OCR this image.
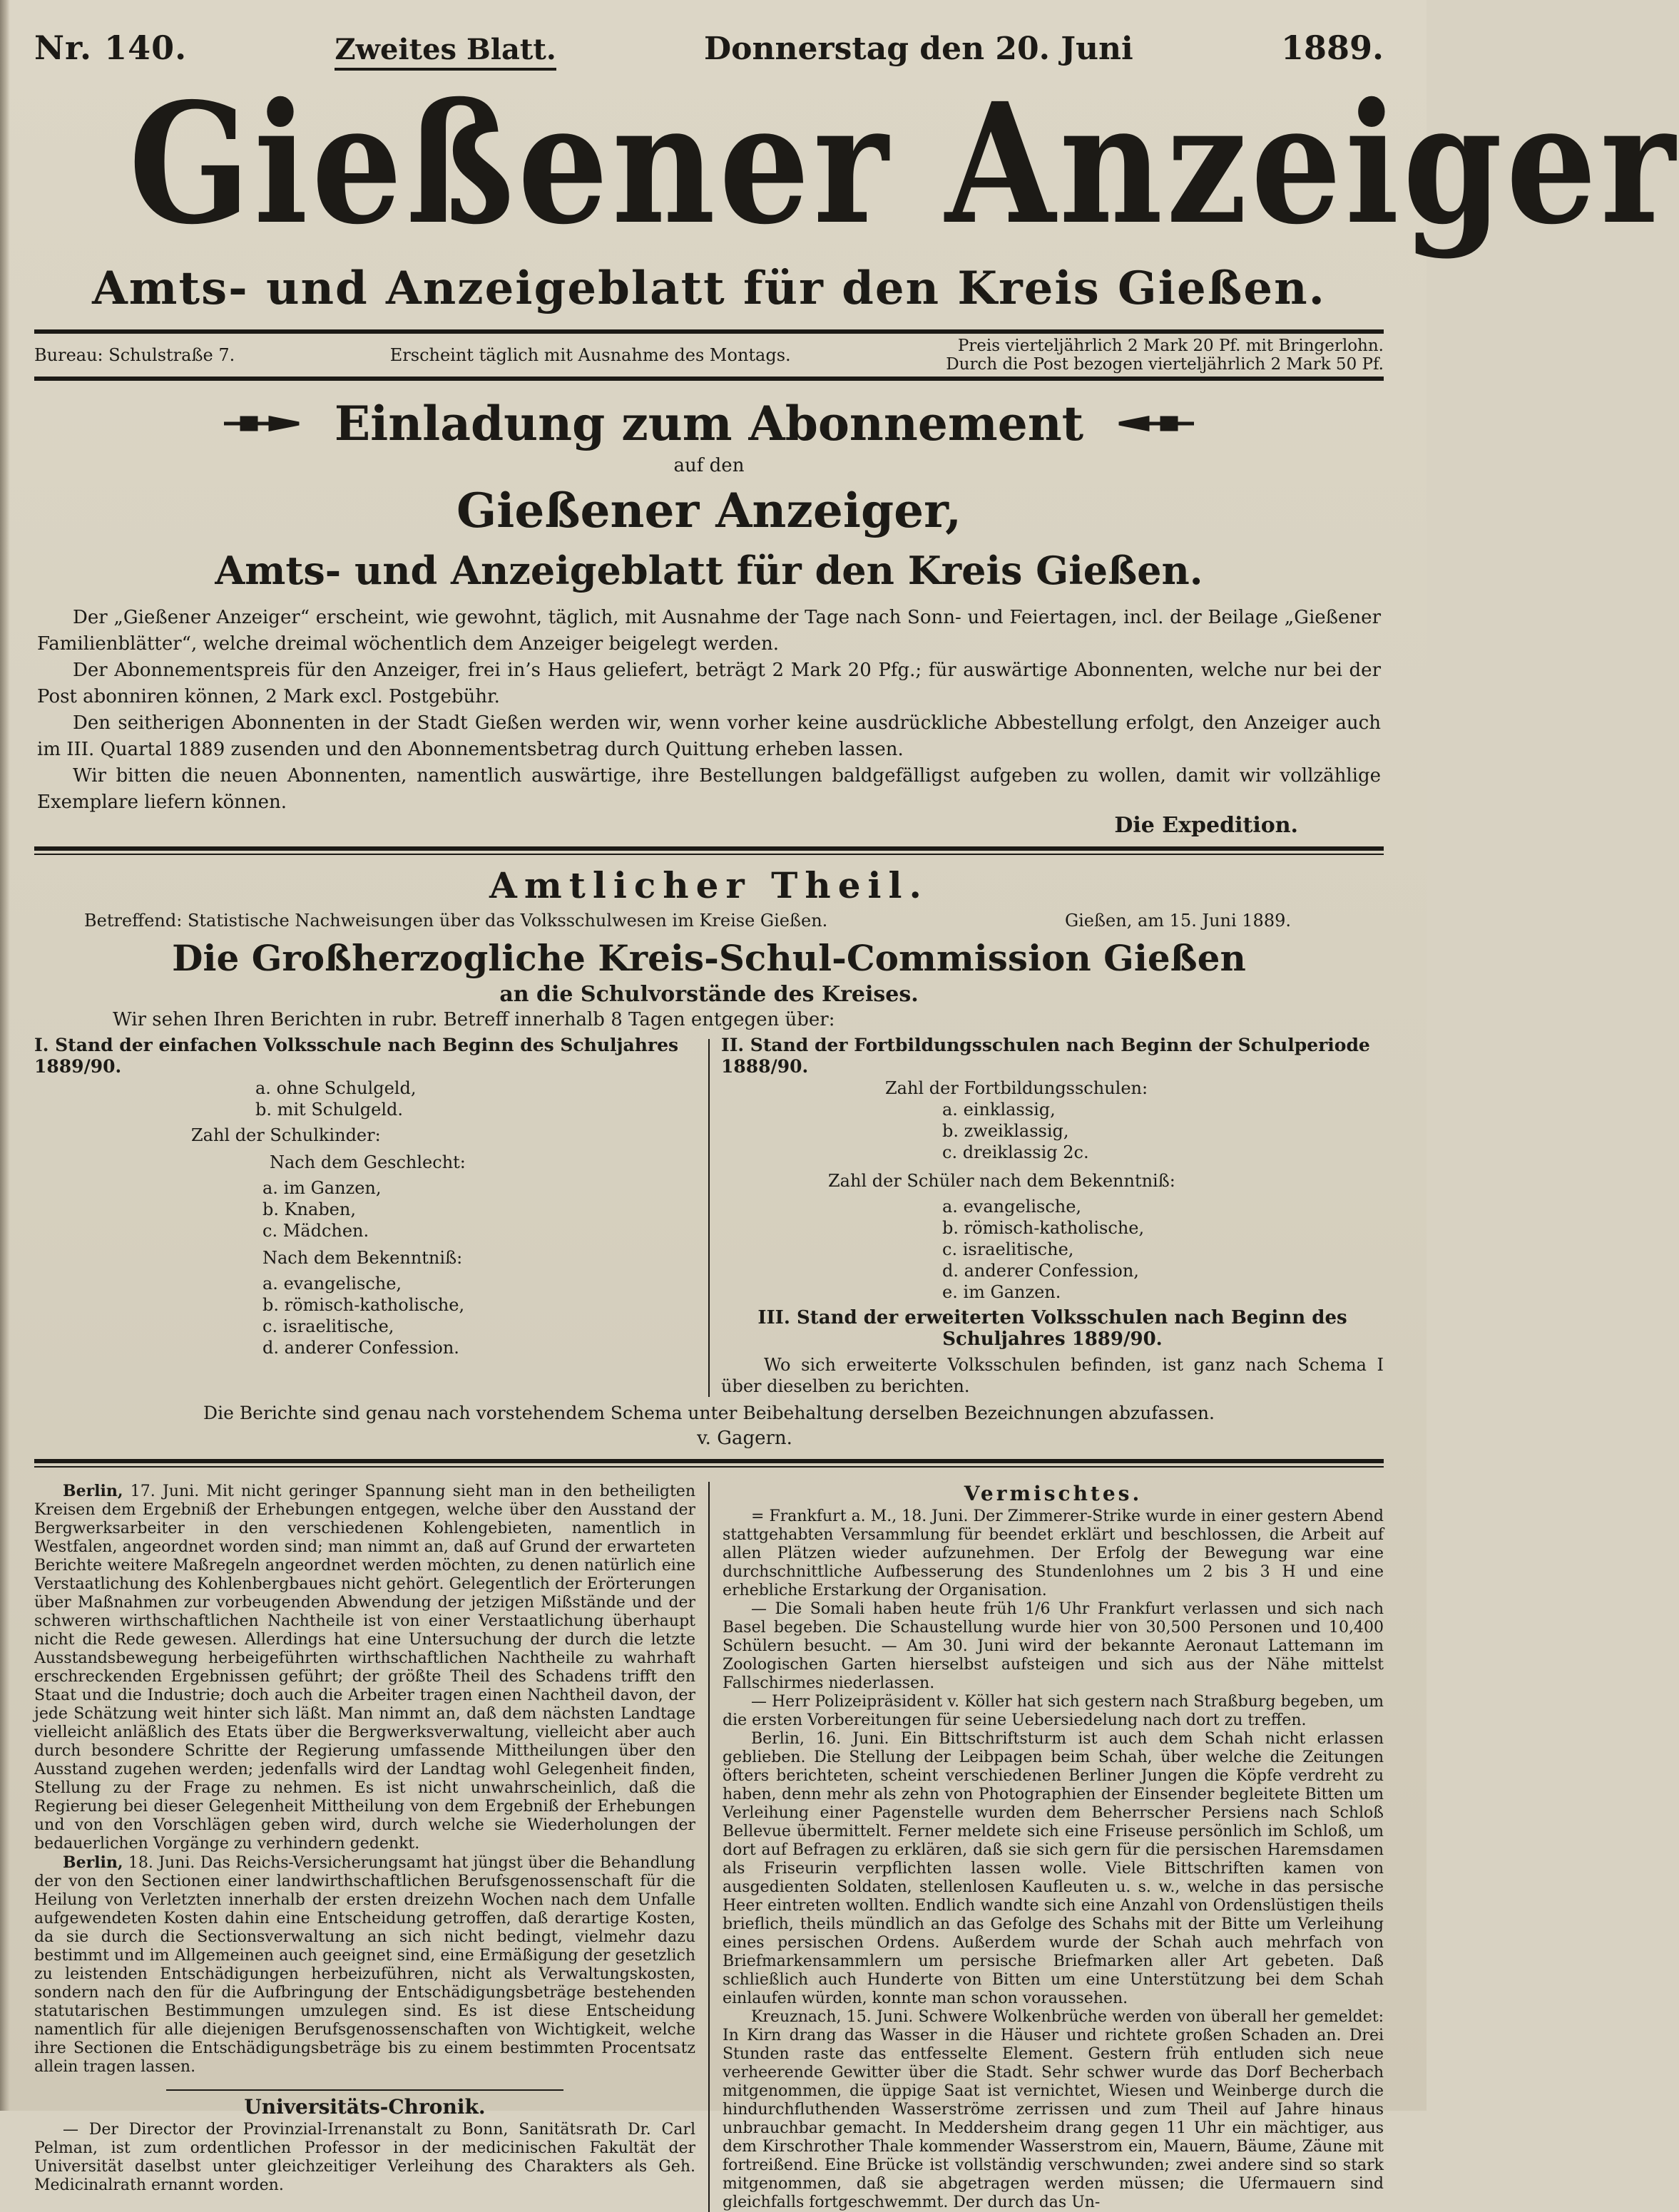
Nr. 140.	Zweites Blatt.	Donnerstag den 20. Juni	1889.
Gießener Anzeiger
Amts- und Anzeigeblatt für den Kreis Gießen.
Bureau: Schulstraße 7.	Erscheint täglich mit Ausnahme des Montags.	Preis vierteljährlich 2 Mark 20 Pf. mit Bringerlohn.
Durch die Post bezogen vierteljährlich 2 Mark 50 Pf.
Einladung zum Abonnement
auf den
Gießener Anzeiger,
Amts- und Anzeigeblatt für den Kreis Gießen.

Der „Gießener Anzeiger“ erscheint, wie gewohnt, täglich, mit Ausnahme der Tage nach Sonn- und Feiertagen, incl. der Beilage „Gießener Familienblätter“, welche dreimal wöchentlich dem Anzeiger beigelegt werden.

Der Abonnementspreis für den Anzeiger, frei in’s Haus geliefert, beträgt 2 Mark 20 Pfg.; für auswärtige Abonnenten, welche nur bei der Post abonniren können, 2 Mark excl. Postgebühr.

Den seitherigen Abonnenten in der Stadt Gießen werden wir, wenn vorher keine ausdrückliche Abbestellung erfolgt, den Anzeiger auch im III. Quartal 1889 zusenden und den Abonnementsbetrag durch Quittung erheben lassen.

Wir bitten die neuen Abonnenten, namentlich auswärtige, ihre Bestellungen baldgefälligst aufgeben zu wollen, damit wir vollzählige Exemplare liefern können.

Die Expedition.
Amtlicher Theil.
Betreffend: Statistische Nachweisungen über das Volksschulwesen im Kreise Gießen.	Gießen, am 15. Juni 1889.
Die Großherzogliche Kreis-Schul-Commission Gießen
an die Schulvorstände des Kreises.
Wir sehen Ihren Berichten in rubr. Betreff innerhalb 8 Tagen entgegen über:
I. Stand der einfachen Volksschule nach Beginn des Schuljahres 1889/90.
a. ohne Schulgeld,
b. mit Schulgeld.
Zahl der Schulkinder:
Nach dem Geschlecht:
a. im Ganzen,
b. Knaben,
c. Mädchen.
Nach dem Bekenntniß:
a. evangelische,
b. römisch-katholische,
c. israelitische,
d. anderer Confession.
II. Stand der Fortbildungsschulen nach Beginn der Schulperiode 1888/90.
Zahl der Fortbildungsschulen:
a. einklassig,
b. zweiklassig,
c. dreiklassig 2c.
Zahl der Schüler nach dem Bekenntniß:
a. evangelische,
b. römisch-katholische,
c. israelitische,
d. anderer Confession,
e. im Ganzen.
III. Stand der erweiterten Volksschulen nach Beginn des Schuljahres 1889/90.
Wo sich erweiterte Volksschulen befinden, ist ganz nach Schema I über dieselben zu berichten.
Die Berichte sind genau nach vorstehendem Schema unter Beibehaltung derselben Bezeichnungen abzufassen.
v. Gagern.

Berlin, 17. Juni. Mit nicht geringer Spannung sieht man in den betheiligten Kreisen dem Ergebniß der Erhebungen entgegen, welche über den Ausstand der Bergwerksarbeiter in den verschiedenen Kohlengebieten, namentlich in Westfalen, angeordnet worden sind; man nimmt an, daß auf Grund der erwarteten Berichte weitere Maßregeln angeordnet werden möchten, zu denen natürlich eine Verstaatlichung des Kohlenbergbaues nicht gehört. Gelegentlich der Erörterungen über Maßnahmen zur vorbeugenden Abwendung der jetzigen Mißstände und der schweren wirthschaftlichen Nachtheile ist von einer Verstaatlichung überhaupt nicht die Rede gewesen. Allerdings hat eine Untersuchung der durch die letzte Ausstandsbewegung herbeigeführten wirthschaftlichen Nachtheile zu wahrhaft erschreckenden Ergebnissen geführt; der größte Theil des Schadens trifft den Staat und die Industrie; doch auch die Arbeiter tragen einen Nachtheil davon, der jede Schätzung weit hinter sich läßt. Man nimmt an, daß dem nächsten Landtage vielleicht anläßlich des Etats über die Bergwerksverwaltung, vielleicht aber auch durch besondere Schritte der Regierung umfassende Mittheilungen über den Ausstand zugehen werden; jedenfalls wird der Landtag wohl Gelegenheit finden, Stellung zu der Frage zu nehmen. Es ist nicht unwahrscheinlich, daß die Regierung bei dieser Gelegenheit Mittheilung von dem Ergebniß der Erhebungen und von den Vorschlägen geben wird, durch welche sie Wiederholungen der bedauerlichen Vorgänge zu verhindern gedenkt.

Berlin, 18. Juni. Das Reichs-Versicherungsamt hat jüngst über die Behandlung der von den Sectionen einer landwirthschaftlichen Berufsgenossenschaft für die Heilung von Verletzten innerhalb der ersten dreizehn Wochen nach dem Unfalle aufgewendeten Kosten dahin eine Entscheidung getroffen, daß derartige Kosten, da sie durch die Sectionsverwaltung an sich nicht bedingt, vielmehr dazu bestimmt und im Allgemeinen auch geeignet sind, eine Ermäßigung der gesetzlich zu leistenden Entschädigungen herbeizuführen, nicht als Verwaltungskosten, sondern nach den für die Aufbringung der Entschädigungsbeträge bestehenden statutarischen Bestimmungen umzulegen sind. Es ist diese Entscheidung namentlich für alle diejenigen Berufsgenossenschaften von Wichtigkeit, welche ihre Sectionen die Entschädigungsbeträge bis zu einem bestimmten Procentsatz allein tragen lassen.

Universitäts-Chronik.

— Der Director der Provinzial-Irrenanstalt zu Bonn, Sanitätsrath Dr. Carl Pelman, ist zum ordentlichen Professor in der medicinischen Fakultät der Universität daselbst unter gleichzeitiger Verleihung des Charakters als Geh. Medicinalrath ernannt worden.

Vermischtes.

= Frankfurt a. M., 18. Juni. Der Zimmerer-Strike wurde in einer gestern Abend stattgehabten Versammlung für beendet erklärt und beschlossen, die Arbeit auf allen Plätzen wieder aufzunehmen. Der Erfolg der Bewegung war eine durchschnittliche Aufbesserung des Stundenlohnes um 2 bis 3 H und eine erhebliche Erstarkung der Organisation.

— Die Somali haben heute früh 1/6 Uhr Frankfurt verlassen und sich nach Basel begeben. Die Schaustellung wurde hier von 30,500 Personen und 10,400 Schülern besucht. — Am 30. Juni wird der bekannte Aeronaut Lattemann im Zoologischen Garten hierselbst aufsteigen und sich aus der Nähe mittelst Fallschirmes niederlassen.

— Herr Polizeipräsident v. Köller hat sich gestern nach Straßburg begeben, um die ersten Vorbereitungen für seine Uebersiedelung nach dort zu treffen.

Berlin, 16. Juni. Ein Bittschriftsturm ist auch dem Schah nicht erlassen geblieben. Die Stellung der Leibpagen beim Schah, über welche die Zeitungen öfters berichteten, scheint verschiedenen Berliner Jungen die Köpfe verdreht zu haben, denn mehr als zehn von Photographien der Einsender begleitete Bitten um Verleihung einer Pagenstelle wurden dem Beherrscher Persiens nach Schloß Bellevue übermittelt. Ferner meldete sich eine Friseuse persönlich im Schloß, um dort auf Befragen zu erklären, daß sie sich gern für die persischen Haremsdamen als Friseurin verpflichten lassen wolle. Viele Bittschriften kamen von ausgedienten Soldaten, stellenlosen Kaufleuten u. s. w., welche in das persische Heer eintreten wollten. Endlich wandte sich eine Anzahl von Ordenslüstigen theils brieflich, theils mündlich an das Gefolge des Schahs mit der Bitte um Verleihung eines persischen Ordens. Außerdem wurde der Schah auch mehrfach von Briefmarkensammlern um persische Briefmarken aller Art gebeten. Daß schließlich auch Hunderte von Bitten um eine Unterstützung bei dem Schah einlaufen würden, konnte man schon voraussehen.

Kreuznach, 15. Juni. Schwere Wolkenbrüche werden von überall her gemeldet: In Kirn drang das Wasser in die Häuser und richtete großen Schaden an. Drei Stunden raste das entfesselte Element. Gestern früh entluden sich neue verheerende Gewitter über die Stadt. Sehr schwer wurde das Dorf Becherbach mitgenommen, die üppige Saat ist vernichtet, Wiesen und Weinberge durch die hindurchfluthenden Wasserströme zerrissen und zum Theil auf Jahre hinaus unbrauchbar gemacht. In Meddersheim drang gegen 11 Uhr ein mächtiger, aus dem Kirschrother Thale kommender Wasserstrom ein, Mauern, Bäume, Zäune mit fortreißend. Eine Brücke ist vollständig verschwunden; zwei andere sind so stark mitgenommen, daß sie abgetragen werden müssen; die Ufermauern sind gleichfalls fortgeschwemmt. Der durch das Un-
